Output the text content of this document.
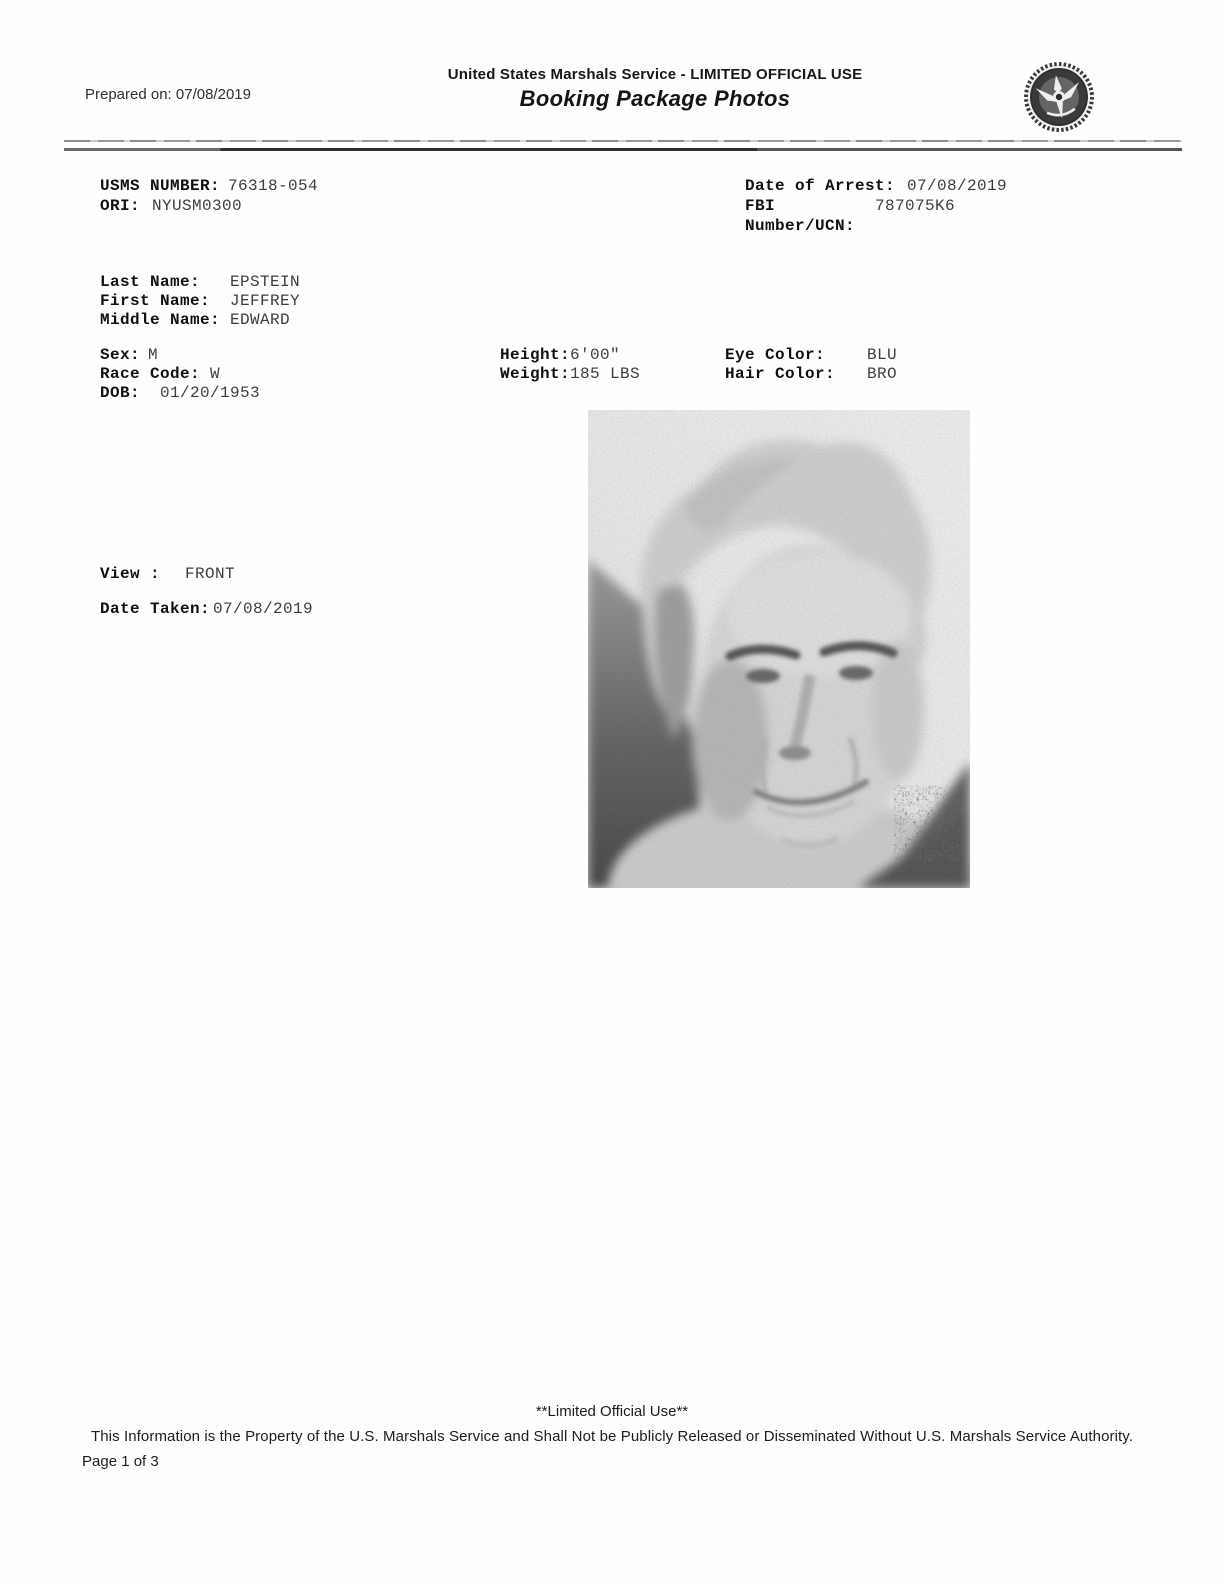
Prepared on: 07/08/2019
United States Marshals Service - LIMITED OFFICIAL USE
Booking Package Photos
USMS NUMBER: 76318-054
ORI: NYUSM0300
Date of Arrest: 07/08/2019
FBI	787075K6
Number/UCN:
Last Name:	EPSTEIN
First Name:	JEFFREY
Middle Name: EDWARD
Sex: M
Race Code: W
DOB:	01/20/1953
Height: 6'00"
Weight: 185 LBS
Eye Color:	BLU
Hair Color:	BRO
View :	FRONT
Date Taken: 07/08/2019
**Limited Official Use**
This Information is the Property of the U.S. Marshals Service and Shall Not be Publicly Released or Disseminated Without U.S. Marshals Service Authority.
Page 1 of 3
